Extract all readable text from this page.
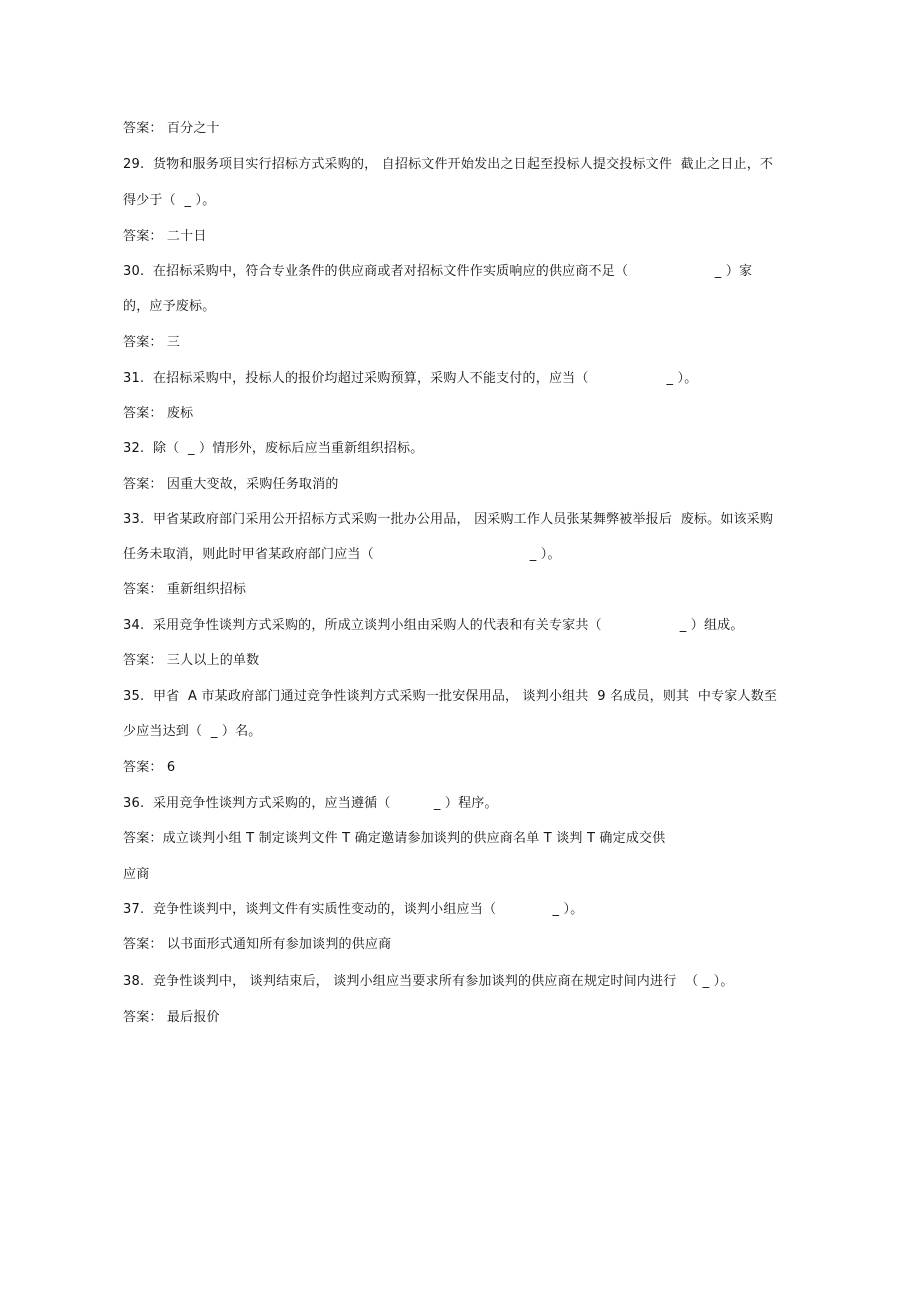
答案： 百分之十
29.  货物和服务项目实行招标方式采购的， 自招标文件开始发出之日起至投标人提交投标文件  截止之日止，不
得少于（  _ ）。
答案： 二十日
30.  在招标采购中，符合专业条件的供应商或者对招标文件作实质响应的供应商不足（                    _ ）家
的，应予废标。
答案： 三
31.  在招标采购中，投标人的报价均超过采购预算，采购人不能支付的，应当（                  _ ）。
答案： 废标
32.  除（  _ ）情形外，废标后应当重新组织招标。
答案： 因重大变故，采购任务取消的
33.  甲省某政府部门采用公开招标方式采购一批办公用品， 因采购工作人员张某舞弊被举报后  废标。如该采购
任务未取消，则此时甲省某政府部门应当（                                    _ ）。
答案： 重新组织招标
34.  采用竞争性谈判方式采购的，所成立谈判小组由采购人的代表和有关专家共（                  _ ）组成。
答案： 三人以上的单数
35.  甲省  A 市某政府部门通过竞争性谈判方式采购一批安保用品， 谈判小组共  9 名成员，则其  中专家人数至
少应当达到（  _ ）名。
答案： 6
36.  采用竞争性谈判方式采购的，应当遵循（          _ ）程序。
答案：成立谈判小组 T 制定谈判文件 T 确定邀请参加谈判的供应商名单 T 谈判 T 确定成交供
应商
37.  竞争性谈判中，谈判文件有实质性变动的，谈判小组应当（             _ ）。
答案： 以书面形式通知所有参加谈判的供应商
38.  竞争性谈判中， 谈判结束后， 谈判小组应当要求所有参加谈判的供应商在规定时间内进行  （ _ ）。
答案： 最后报价
